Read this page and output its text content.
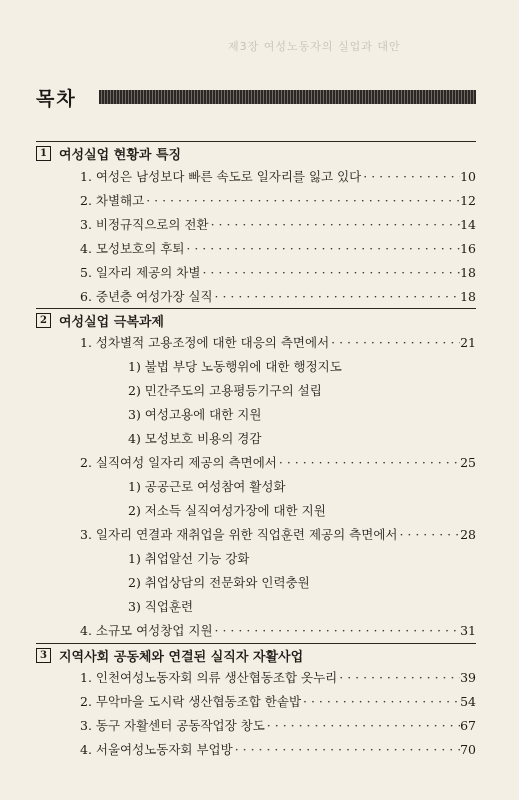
제3장 여성노동자의 실업과 대안
목차
1 여성실업 현황과 특징
1. 여성은 남성보다 빠른 속도로 일자리를 잃고 있다 · · ·	10
2. 차별해고 · · ·	12
3. 비정규직으로의 전환 · · ·	14
4. 모성보호의 후퇴 · · ·	16
5. 일자리 제공의 차별 · · ·	18
6. 중년층 여성가장 실직 · · ·	18
2 여성실업 극복과제
1. 성차별적 고용조정에 대한 대응의 측면에서 · · ·	21
1) 불법 부당 노동행위에 대한 행정지도
2) 민간주도의 고용평등기구의 설립
3) 여성고용에 대한 지원
4) 모성보호 비용의 경감
2. 실직여성 일자리 제공의 측면에서 · · ·	25
1) 공공근로 여성참여 활성화
2) 저소득 실직여성가장에 대한 지원
3. 일자리 연결과 재취업을 위한 직업훈련 제공의 측면에서 · · ·	28
1) 취업알선 기능 강화
2) 취업상담의 전문화와 인력충원
3) 직업훈련
4. 소규모 여성창업 지원 · · ·	31
3 지역사회 공동체와 연결된 실직자 자활사업
1. 인천여성노동자회 의류 생산협동조합 옷누리 · · ·	39
2. 무악마을 도시락 생산협동조합 한솥밥 · · ·	54
3. 동구 자활센터 공동작업장 창도 · · ·	67
4. 서울여성노동자회 부업방 · · ·	70
